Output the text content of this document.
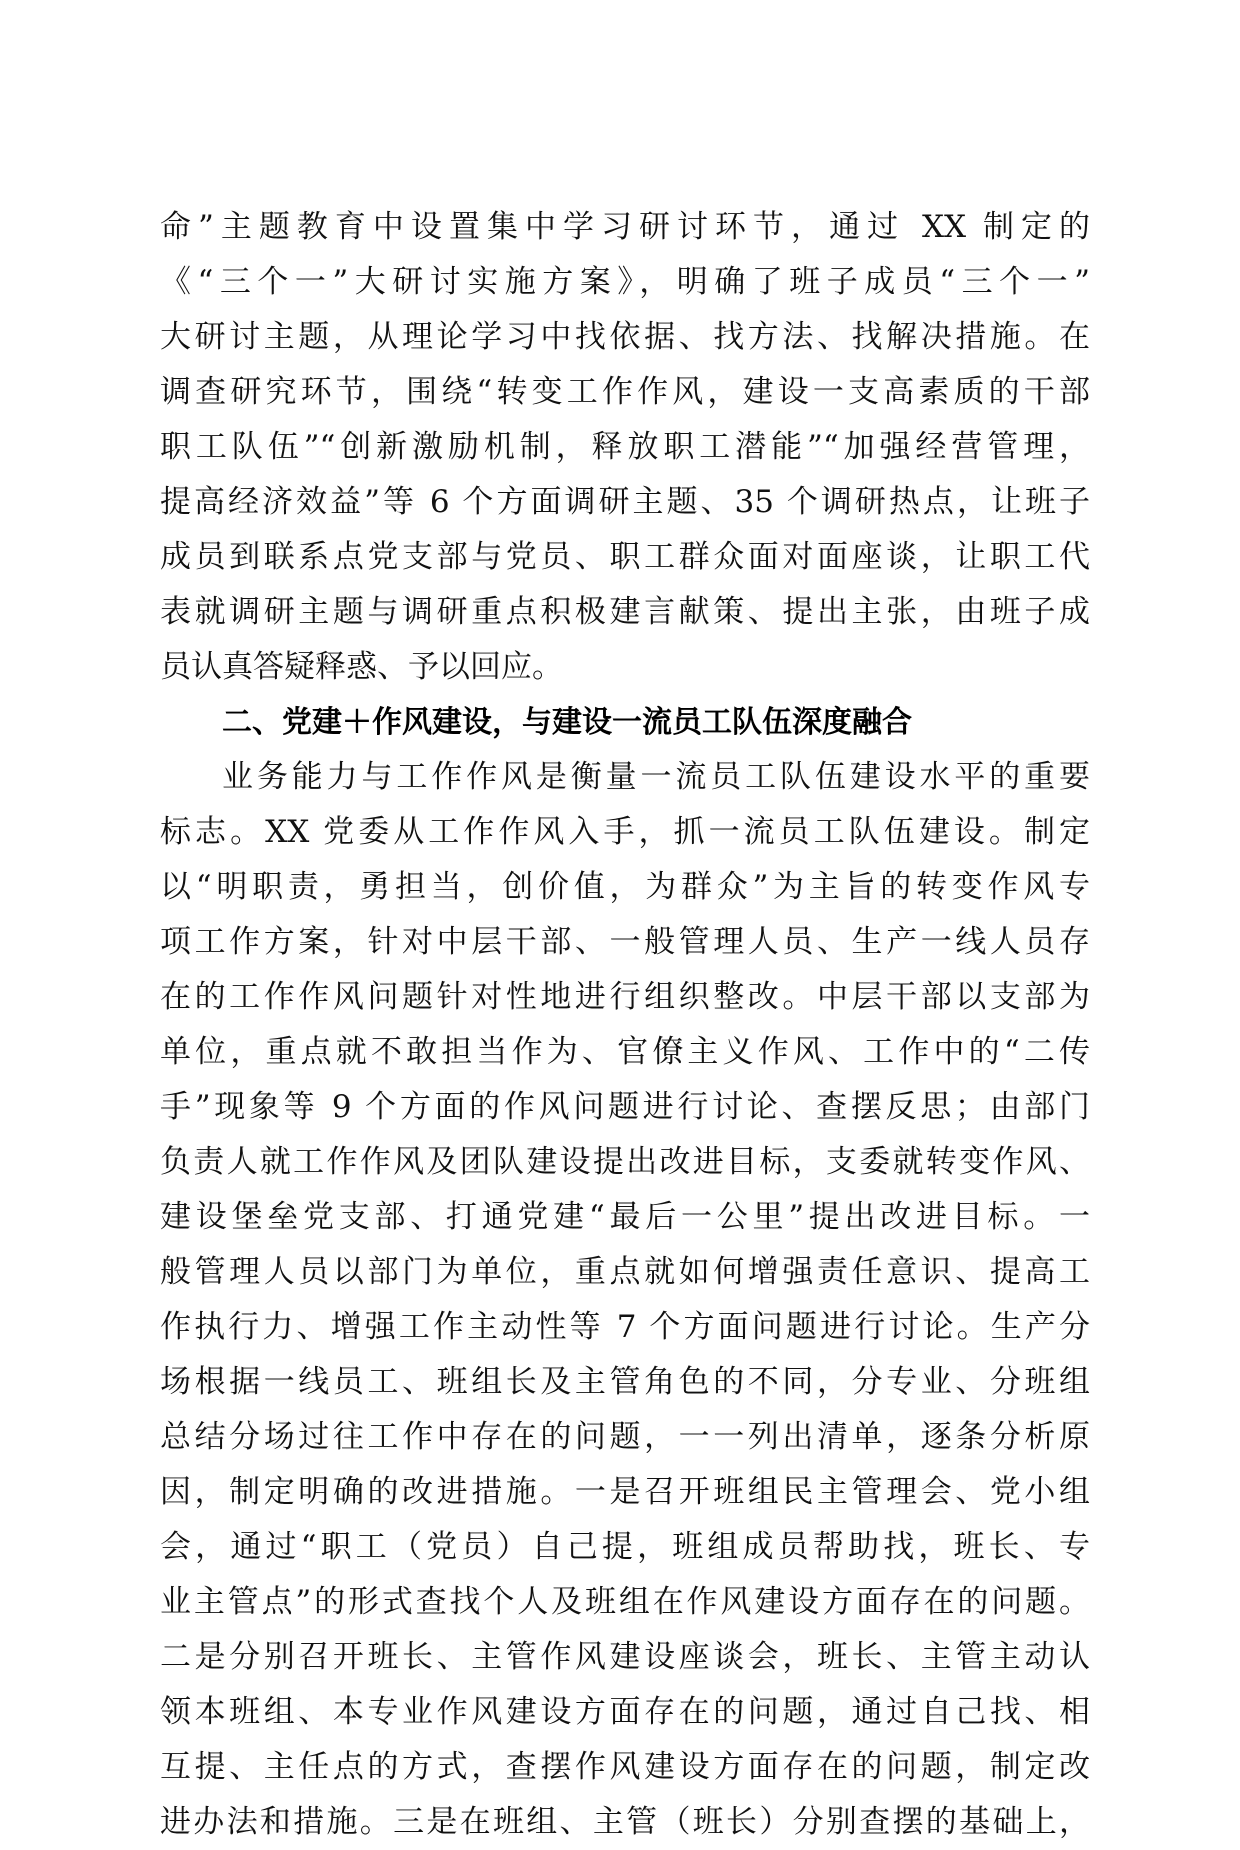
命”主题教育中设置集中学习研讨环节，通过 XX 制定的
《“三个一”大研讨实施方案》，明确了班子成员“三个一”
大研讨主题，从理论学习中找依据、找方法、找解决措施。在
调查研究环节，围绕“转变工作作风，建设一支高素质的干部
职工队伍”“创新激励机制，释放职工潜能”“加强经营管理，
提高经济效益”等 6 个方面调研主题、35 个调研热点，让班子
成员到联系点党支部与党员、职工群众面对面座谈，让职工代
表就调研主题与调研重点积极建言献策、提出主张，由班子成
员认真答疑释惑、予以回应。
二、党建＋作风建设，与建设一流员工队伍深度融合
业务能力与工作作风是衡量一流员工队伍建设水平的重要
标志。XX 党委从工作作风入手，抓一流员工队伍建设。制定
以“明职责，勇担当，创价值，为群众”为主旨的转变作风专
项工作方案，针对中层干部、一般管理人员、生产一线人员存
在的工作作风问题针对性地进行组织整改。中层干部以支部为
单位，重点就不敢担当作为、官僚主义作风、工作中的“二传
手”现象等 9 个方面的作风问题进行讨论、查摆反思；由部门
负责人就工作作风及团队建设提出改进目标，支委就转变作风、
建设堡垒党支部、打通党建“最后一公里”提出改进目标。一
般管理人员以部门为单位，重点就如何增强责任意识、提高工
作执行力、增强工作主动性等 7 个方面问题进行讨论。生产分
场根据一线员工、班组长及主管角色的不同，分专业、分班组
总结分场过往工作中存在的问题，一一列出清单，逐条分析原
因，制定明确的改进措施。一是召开班组民主管理会、党小组
会，通过“职工（党员）自己提，班组成员帮助找，班长、专
业主管点”的形式查找个人及班组在作风建设方面存在的问题。
二是分别召开班长、主管作风建设座谈会，班长、主管主动认
领本班组、本专业作风建设方面存在的问题，通过自己找、相
互提、主任点的方式，查摆作风建设方面存在的问题，制定改
进办法和措施。三是在班组、主管（班长）分别查摆的基础上，
